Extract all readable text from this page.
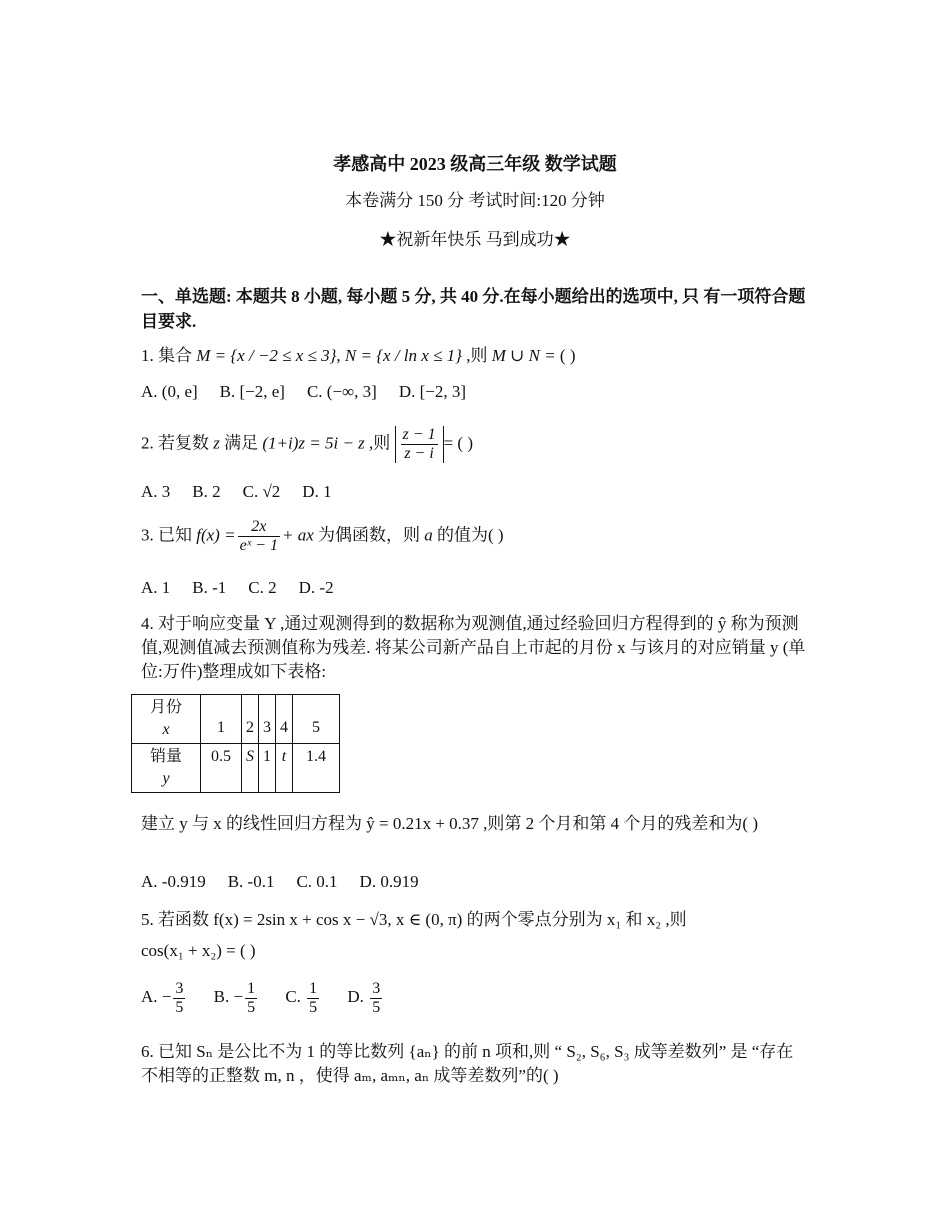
孝感高中 2023 级高三年级 数学试题
本卷满分 150 分 考试时间:120 分钟
★祝新年快乐 马到成功★
一、单选题: 本题共 8 小题, 每小题 5 分, 共 40 分.在每小题给出的选项中, 只 有一项符合题目要求.
1. 集合 M = {x / −2 ≤ x ≤ 3}, N = {x / ln x ≤ 1} ,则 M ∪ N = ( )
A. (0, e] B. [−2, e] C. (−∞, 3] D. [−2, 3]
2. 若复数 z 满足 (1+i)z = 5i − z ,则 $\frac{z - 1}{z - i}$ = ( )
A. 3 B. 2 C. √2 D. 1
3. 已知 $f(x) = \frac{2x}{\text{eˣ − 1}}$ + ax 为偶函数，则 a 的值为( )
A. 1 B. -1 C. 2 D. -2
4. 对于响应变量 Y ,通过观测得到的数据称为观测值,通过经验回归方程得到的 ŷ 称为预测值,观测值减去预测值称为残差. 将某公司新产品自上市起的月份 x 与该月的对应销量 y (单位:万件)整理成如下表格:
月份
x	1	2	3	4	5
销量
y	0.5	S	1	t	1.4
建立 y 与 x 的线性回归方程为 ŷ = 0.21x + 0.37 ,则第 2 个月和第 4 个月的残差和为( )
A. -0.919 B. -0.1 C. 0.1 D. 0.919
5. 若函数 f(x) = 2sin x + cos x − √3, x ∈ (0, π) 的两个零点分别为 x₁ 和 x₂ ,则
cos(x₁ + x₂) = ( )
A. − $\frac{3}{5} B$. − $\frac{1}{5} C$. $\frac{1}{5} D$. $\frac{3}{5}$
6. 已知 Sₙ 是公比不为 1 的等比数列 {aₙ} 的前 n 项和,则 “ S₂, S₆, S₃ 成等差数列” 是 “存在不相等的正整数 m, n ，使得 aₘ, aₘₙ, aₙ 成等差数列”的( )
